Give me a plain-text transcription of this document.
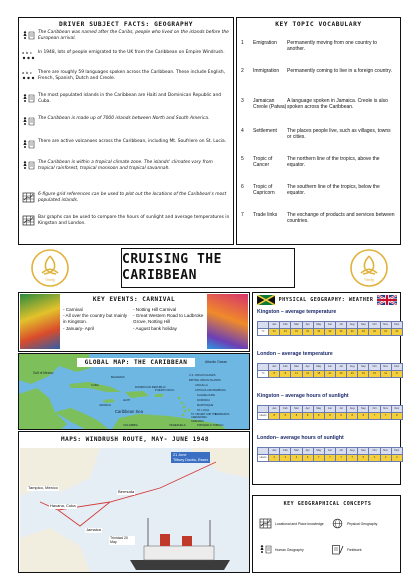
DRIVER SUBJECT FACTS: GEOGRAPHY
The Caribbean was named after the Caribs, people who lived on the islands before the European arrival.
a b c In 1948, lots of people emigrated to the UK from the Caribbean on Empire Windrush.
a b c There are roughly 59 languages spoken across the Caribbean. These include English, French, Spanish, Dutch and Creole.
The most populated islands in the Caribbean are Haiti and Dominican Republic and Cuba.
The Caribbean is made up of 7000 islands between North and South America.
There are active volcanoes across the Caribbean, including Mt. Soufriere on St. Lucia.
The Caribbean is within a tropical climate zone. The islands' climates vary from tropical rainforest, tropical monsoon and tropical savannah.
6-figure grid references can be used to plot out the locations of the Caribbean's most populated islands.
Bar graphs can be used to compare the hours of sunlight and average temperatures in Kingston and London.
KEY TOPIC VOCABULARY
1	Emigration	Permanently moving from one country to another.
2	Immigration	Permanently coming to live in a foreign country.
3	Jamaican Creole (Patwa)
A language spoken in Jamaica. Creole is also spoken across the Caribbean.
4	Settlement	The places people live, such as villages, towns or cities.
5	Tropic of Cancer
The northern line of the tropics, above the equator.
6	Tropic of Capricorn
The southern line of the tropics, below the equator.
7	Trade links	The exchange of products and services between countries.
Trinity
CRUISING THE CARIBBEAN	Trinity
KEY EVENTS: CARNIVAL
- Carnival
- All over the country but mainly in Kingston.
- January- April
- Notting Hill Carnival
- Great Western Road to Ladbroke Grove, Notting Hill
- August bank holiday
GLOBAL MAP: THE CARIBBEAN
Gulf of Mexico
Atlantic Ocean
CUBA
BAHAMAS
JAMAICA
HAITI
DOMINICAN REPUBLIC
PUERTO RICO
Caribbean Sea
VENEZUELA
COLOMBIA
U.S. VIRGIN ISLANDS
BRITISH VIRGIN ISLANDS
ANGUILLA
ANTIGUA AND BARBUDA
GUADELOUPE
DOMINICA
MARTINIQUE
ST. LUCIA
BARBADOS
ST. VINCENT AND THE GRENADINES
GRENADA
TRINIDAD & TOBAGO
MAPS: WINDRUSH ROUTE, MAY- JUNE 1948
Tampico, Mexico
Havana, Cuba
Bermuda
Jamaica
Trinidad 20 May
21 June
Tilbury Docks, Essex
PHYSICAL GEOGRAPHY: WEATHER
Kingston – average temperature
	Jan	Feb	Mar	Apr	May	Jun	Jul	Aug	Sep	Oct	Nov	Dec
°C	31	31	31	31	32	32	32	32	32	32	31	31
London – average temperature
	Jan	Feb	Mar	Apr	May	Jun	Jul	Aug	Sep	Oct	Nov	Dec
°C	8	8	11	14	18	21	23	23	19	15	11	8
Kingston – average hours of sunlight
	Jan	Feb	Mar	Apr	May	Jun	Jul	Aug	Sep	Oct	Nov	Dec
Hours	8	8	8	8	8	8	8	8	8	7	7	8
London– average hours of sunlight
	Jan	Feb	Mar	Apr	May	Jun	Jul	Aug	Sep	Oct	Nov	Dec
Hours	2	3	4	6	7	7	7	7	5	4	2	2
KEY GEOGRAPHICAL CONCEPTS
Locational and Place knowledge	Physical Geography
Human Geography	Fieldwork
